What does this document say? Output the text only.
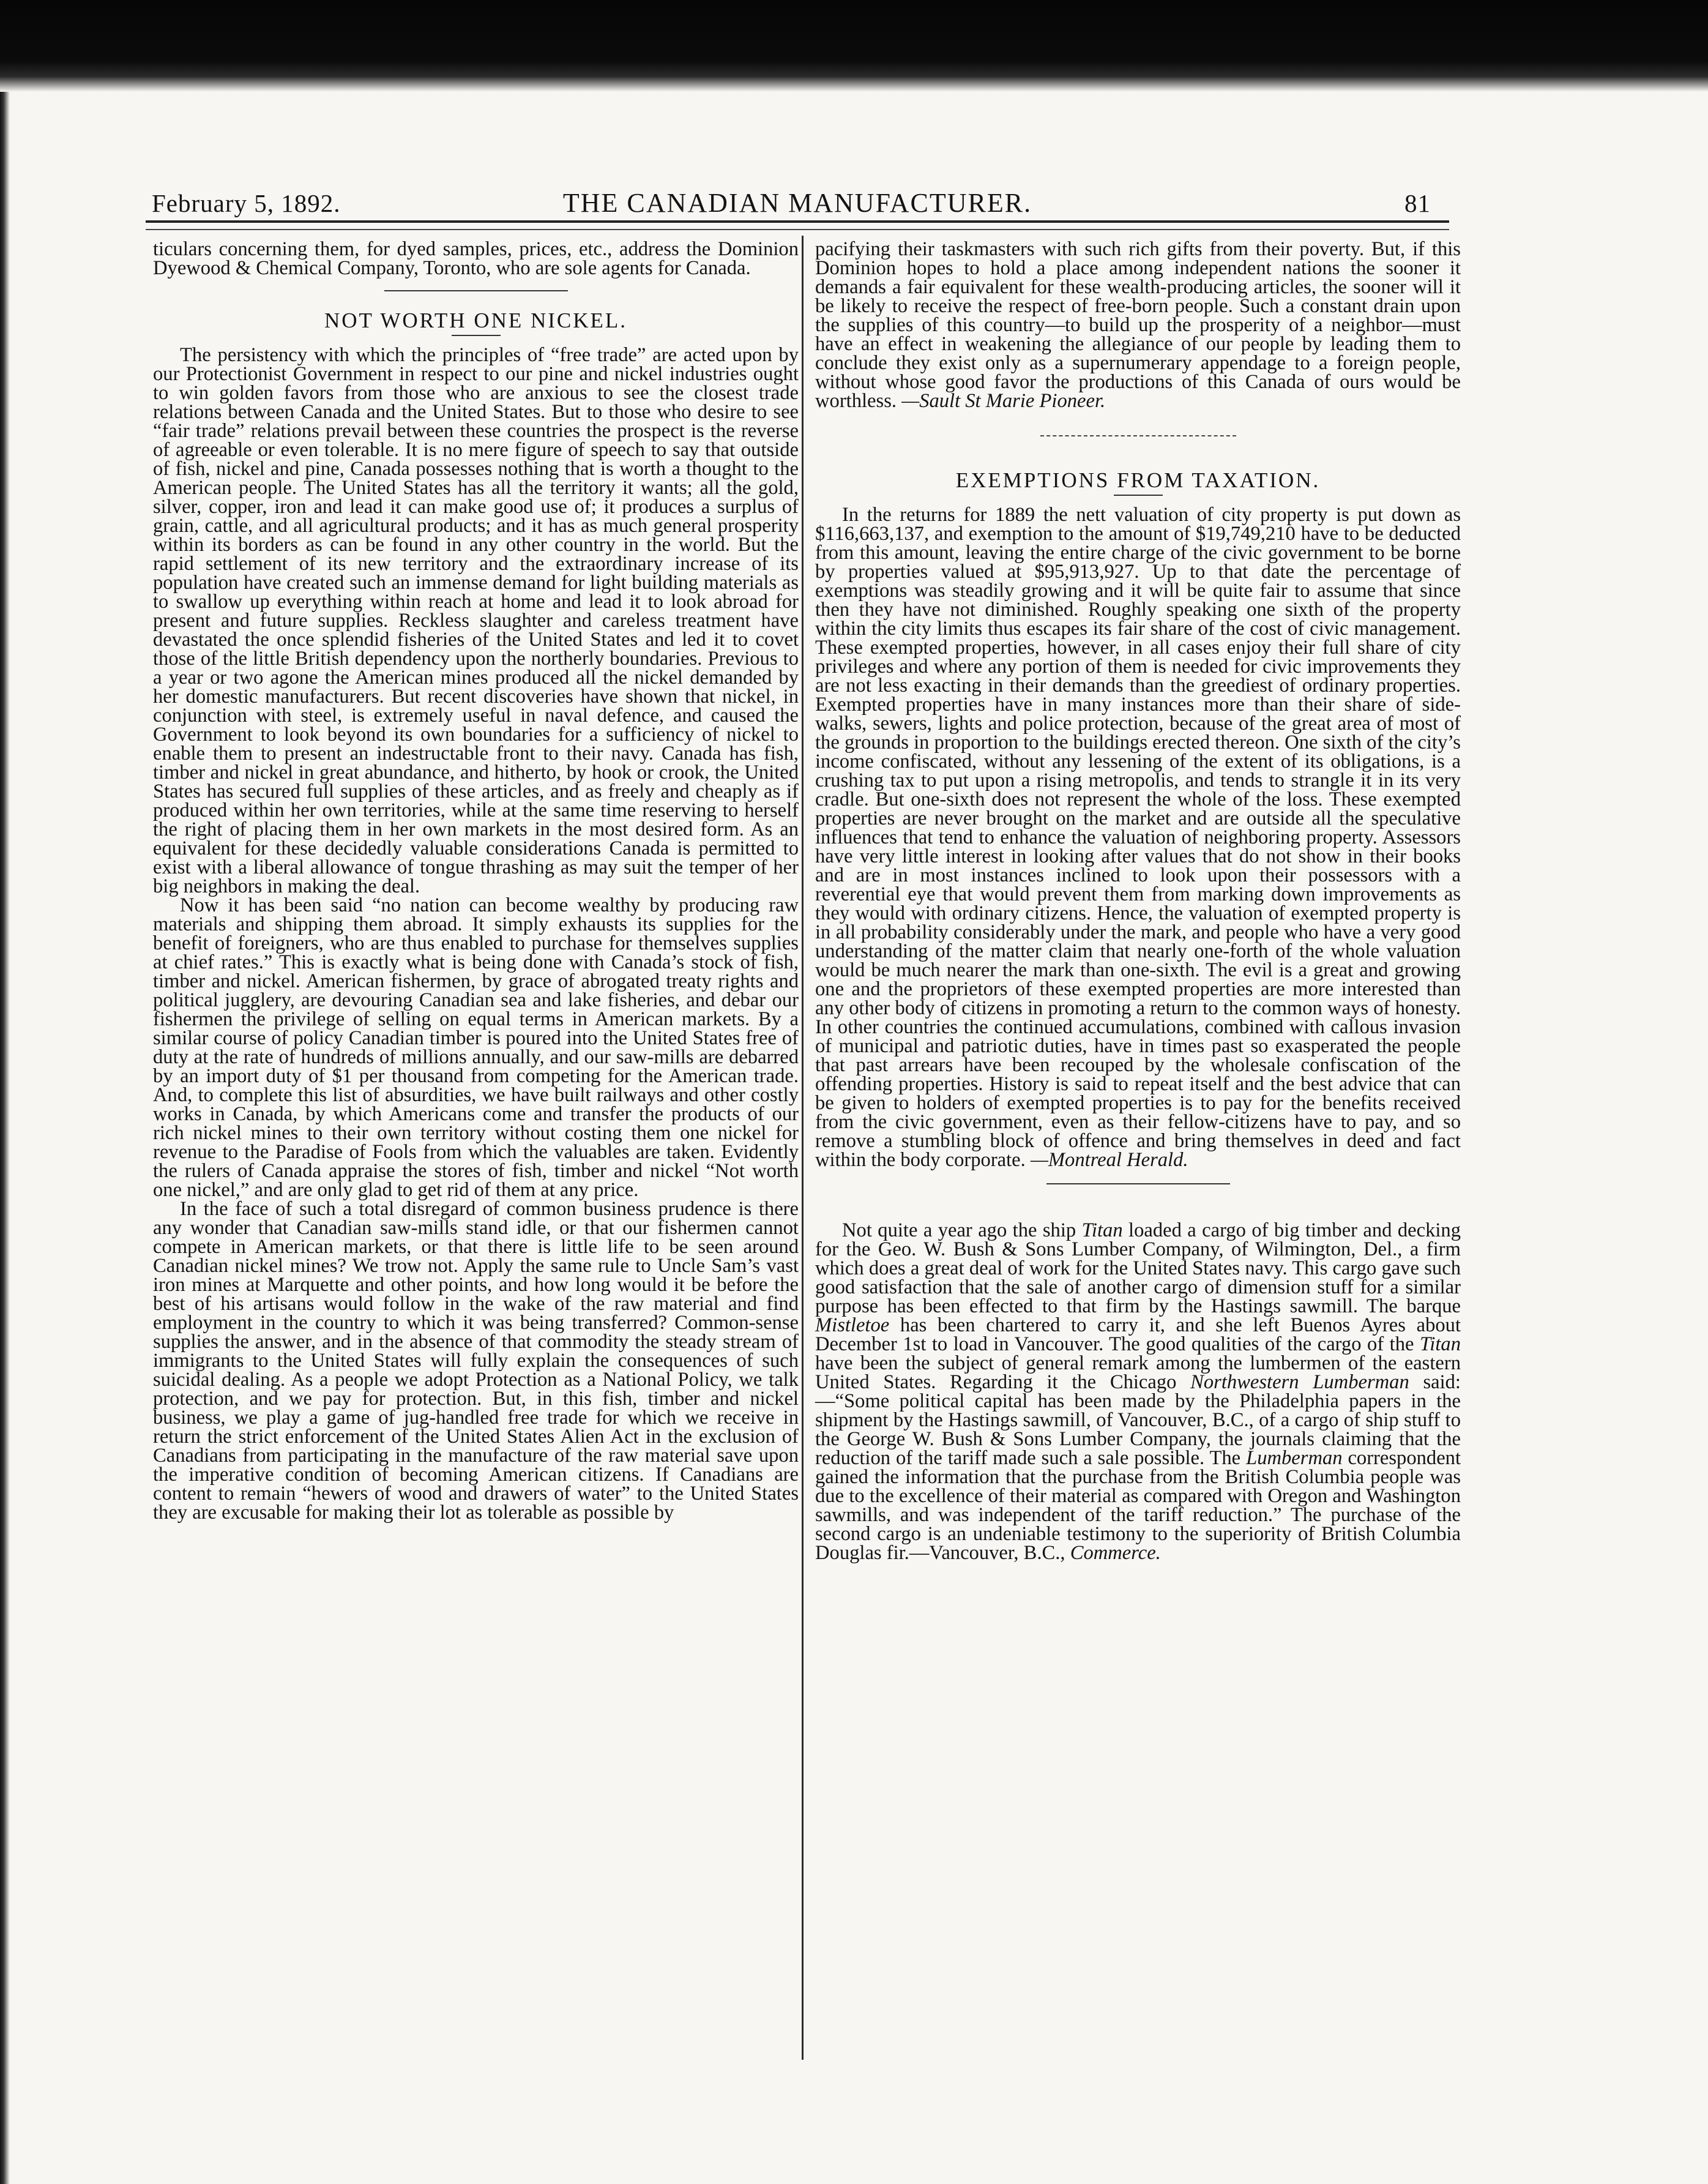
February 5, 1892.	THE CANADIAN MANUFACTURER.	81

ticulars concerning them, for dyed samples, prices, etc., address the Dominion Dyewood & Chemical Company, Toronto, who are sole agents for Canada.

NOT WORTH ONE NICKEL.

The persistency with which the principles of “free trade” are acted upon by our Protectionist Government in respect to our pine and nickel industries ought to win golden favors from those who are anxious to see the closest trade relations between Canada and the United States. But to those who desire to see “fair trade” relations prevail between these countries the prospect is the reverse of agreeable or even tolerable. It is no mere figure of speech to say that outside of fish, nickel and pine, Canada possesses nothing that is worth a thought to the American people. The United States has all the territory it wants; all the gold, silver, copper, iron and lead it can make good use of; it produces a surplus of grain, cattle, and all agricultural products; and it has as much general prosperity within its borders as can be found in any other country in the world. But the rapid settlement of its new territory and the extraordinary increase of its population have created such an immense demand for light building materials as to swallow up everything within reach at home and lead it to look abroad for present and future supplies. Reckless slaughter and careless treatment have devastated the once splendid fisheries of the United States and led it to covet those of the little British dependency upon the northerly boundaries. Previous to a year or two agone the American mines produced all the nickel demanded by her domestic manufacturers. But recent discoveries have shown that nickel, in conjunction with steel, is extremely useful in naval defence, and caused the Government to look beyond its own boundaries for a sufficiency of nickel to enable them to present an indestructable front to their navy. Canada has fish, timber and nickel in great abundance, and hitherto, by hook or crook, the United States has secured full supplies of these articles, and as freely and cheaply as if produced within her own territories, while at the same time reserving to herself the right of placing them in her own markets in the most desired form. As an equivalent for these decidedly valuable considerations Canada is permitted to exist with a liberal allowance of tongue thrashing as may suit the temper of her big neighbors in making the deal.

Now it has been said “no nation can become wealthy by producing raw materials and shipping them abroad. It simply exhausts its supplies for the benefit of foreigners, who are thus enabled to purchase for themselves supplies at chief rates.” This is exactly what is being done with Canada’s stock of fish, timber and nickel. American fishermen, by grace of abrogated treaty rights and political jugglery, are devouring Canadian sea and lake fisheries, and debar our fishermen the privilege of selling on equal terms in American markets. By a similar course of policy Canadian timber is poured into the United States free of duty at the rate of hundreds of millions annually, and our saw-mills are debarred by an import duty of $1 per thousand from competing for the American trade. And, to complete this list of absurdities, we have built railways and other costly works in Canada, by which Americans come and transfer the products of our rich nickel mines to their own territory without costing them one nickel for revenue to the Paradise of Fools from which the valuables are taken. Evidently the rulers of Canada appraise the stores of fish, timber and nickel “Not worth one nickel,” and are only glad to get rid of them at any price.

In the face of such a total disregard of common business prudence is there any wonder that Canadian saw-mills stand idle, or that our fishermen cannot compete in American markets, or that there is little life to be seen around Canadian nickel mines? We trow not. Apply the same rule to Uncle Sam’s vast iron mines at Marquette and other points, and how long would it be before the best of his artisans would follow in the wake of the raw material and find employment in the country to which it was being transferred? Common-sense supplies the answer, and in the absence of that commodity the steady stream of immigrants to the United States will fully explain the consequences of such suicidal dealing. As a people we adopt Protection as a National Policy, we talk protection, and we pay for protection. But, in this fish, timber and nickel business, we play a game of jug-handled free trade for which we receive in return the strict enforcement of the United States Alien Act in the exclusion of Canadians from participating in the manufacture of the raw material save upon the imperative condition of becoming American citizens. If Canadians are content to remain “hewers of wood and drawers of water” to the United States they are excusable for making their lot as tolerable as possible by

pacifying their taskmasters with such rich gifts from their poverty. But, if this Dominion hopes to hold a place among independent nations the sooner it demands a fair equivalent for these wealth-producing articles, the sooner will it be likely to receive the respect of free-born people. Such a constant drain upon the supplies of this country—to build up the prosperity of a neighbor—must have an effect in weakening the allegiance of our people by leading them to conclude they exist only as a supernumerary appendage to a foreign people, without whose good favor the productions of this Canada of ours would be worthless. —Sault St Marie Pioneer.

EXEMPTIONS FROM TAXATION.

In the returns for 1889 the nett valuation of city property is put down as $116,663,137, and exemption to the amount of $19,749,210 have to be deducted from this amount, leaving the entire charge of the civic government to be borne by properties valued at $95,913,927. Up to that date the percentage of exemptions was steadily growing and it will be quite fair to assume that since then they have not diminished. Roughly speaking one sixth of the property within the city limits thus escapes its fair share of the cost of civic management. These exempted properties, however, in all cases enjoy their full share of city privileges and where any portion of them is needed for civic improvements they are not less exacting in their demands than the greediest of ordinary properties. Exempted properties have in many instances more than their share of side-walks, sewers, lights and police protection, because of the great area of most of the grounds in proportion to the buildings erected thereon. One sixth of the city’s income confiscated, without any lessening of the extent of its obligations, is a crushing tax to put upon a rising metropolis, and tends to strangle it in its very cradle. But one-sixth does not represent the whole of the loss. These exempted properties are never brought on the market and are outside all the speculative influences that tend to enhance the valuation of neighboring property. Assessors have very little interest in looking after values that do not show in their books and are in most instances inclined to look upon their possessors with a reverential eye that would prevent them from marking down improvements as they would with ordinary citizens. Hence, the valuation of exempted property is in all probability considerably under the mark, and people who have a very good understanding of the matter claim that nearly one-forth of the whole valuation would be much nearer the mark than one-sixth. The evil is a great and growing one and the proprietors of these exempted properties are more interested than any other body of citizens in promoting a return to the common ways of honesty. In other countries the continued accumulations, combined with callous invasion of municipal and patriotic duties, have in times past so exasperated the people that past arrears have been recouped by the wholesale confiscation of the offending properties. History is said to repeat itself and the best advice that can be given to holders of exempted properties is to pay for the benefits received from the civic government, even as their fellow-citizens have to pay, and so remove a stumbling block of offence and bring themselves in deed and fact within the body corporate. —Montreal Herald.

Not quite a year ago the ship Titan loaded a cargo of big timber and decking for the Geo. W. Bush & Sons Lumber Company, of Wilmington, Del., a firm which does a great deal of work for the United States navy. This cargo gave such good satisfaction that the sale of another cargo of dimension stuff for a similar purpose has been effected to that firm by the Hastings sawmill. The barque Mistletoe has been chartered to carry it, and she left Buenos Ayres about December 1st to load in Vancouver. The good qualities of the cargo of the Titan have been the subject of general remark among the lumbermen of the eastern United States. Regarding it the Chicago Northwestern Lumberman said:—“Some political capital has been made by the Philadelphia papers in the shipment by the Hastings sawmill, of Vancouver, B.C., of a cargo of ship stuff to the George W. Bush & Sons Lumber Company, the journals claiming that the reduction of the tariff made such a sale possible. The Lumberman correspondent gained the information that the purchase from the British Columbia people was due to the excellence of their material as compared with Oregon and Washington sawmills, and was independent of the tariff reduction.” The purchase of the second cargo is an undeniable testimony to the superiority of British Columbia Douglas fir.—Vancouver, B.C., Commerce.
